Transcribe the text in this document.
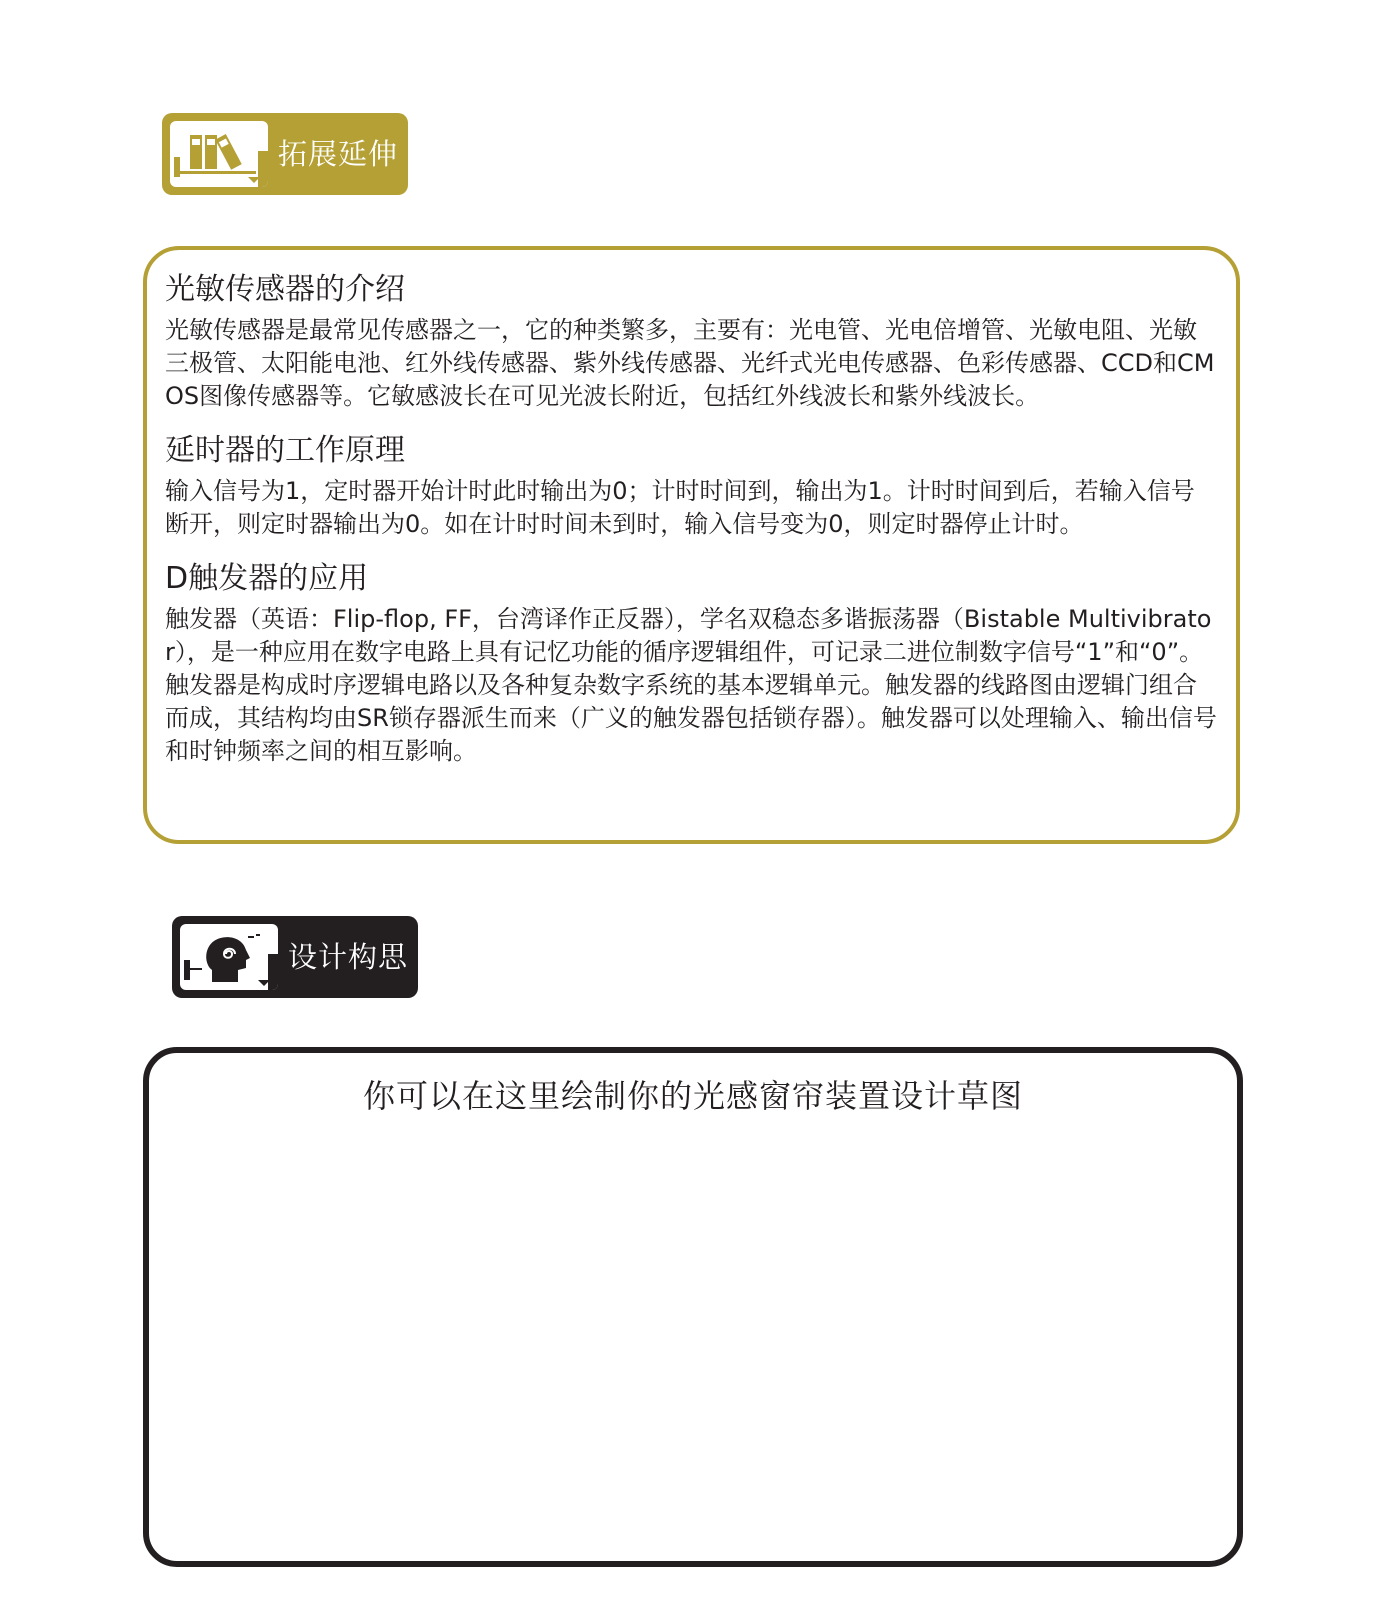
拓展延伸
光敏传感器的介绍

光敏传感器是最常见传感器之一，它的种类繁多，主要有：光电管、光电倍增管、光敏电阻、光敏三极管、太阳能电池、红外线传感器、紫外线传感器、光纤式光电传感器、色彩传感器、CCD和CMOS图像传感器等。它敏感波长在可见光波长附近，包括红外线波长和紫外线波长。

延时器的工作原理

输入信号为1，定时器开始计时此时输出为0；计时时间到，输出为1。计时时间到后，若输入信号断开，则定时器输出为0。如在计时时间未到时，输入信号变为0，则定时器停止计时。

D触发器的应用

触发器（英语：Flip-flop, FF，台湾译作正反器），学名双稳态多谐振荡器（Bistable Multivibrator），是一种应用在数字电路上具有记忆功能的循序逻辑组件，可记录二进位制数字信号“1”和“0”。触发器是构成时序逻辑电路以及各种复杂数字系统的基本逻辑单元。触发器的线路图由逻辑门组合而成，其结构均由SR锁存器派生而来（广义的触发器包括锁存器）。触发器可以处理输入、输出信号和时钟频率之间的相互影响。

设计构思
你可以在这里绘制你的光感窗帘装置设计草图
